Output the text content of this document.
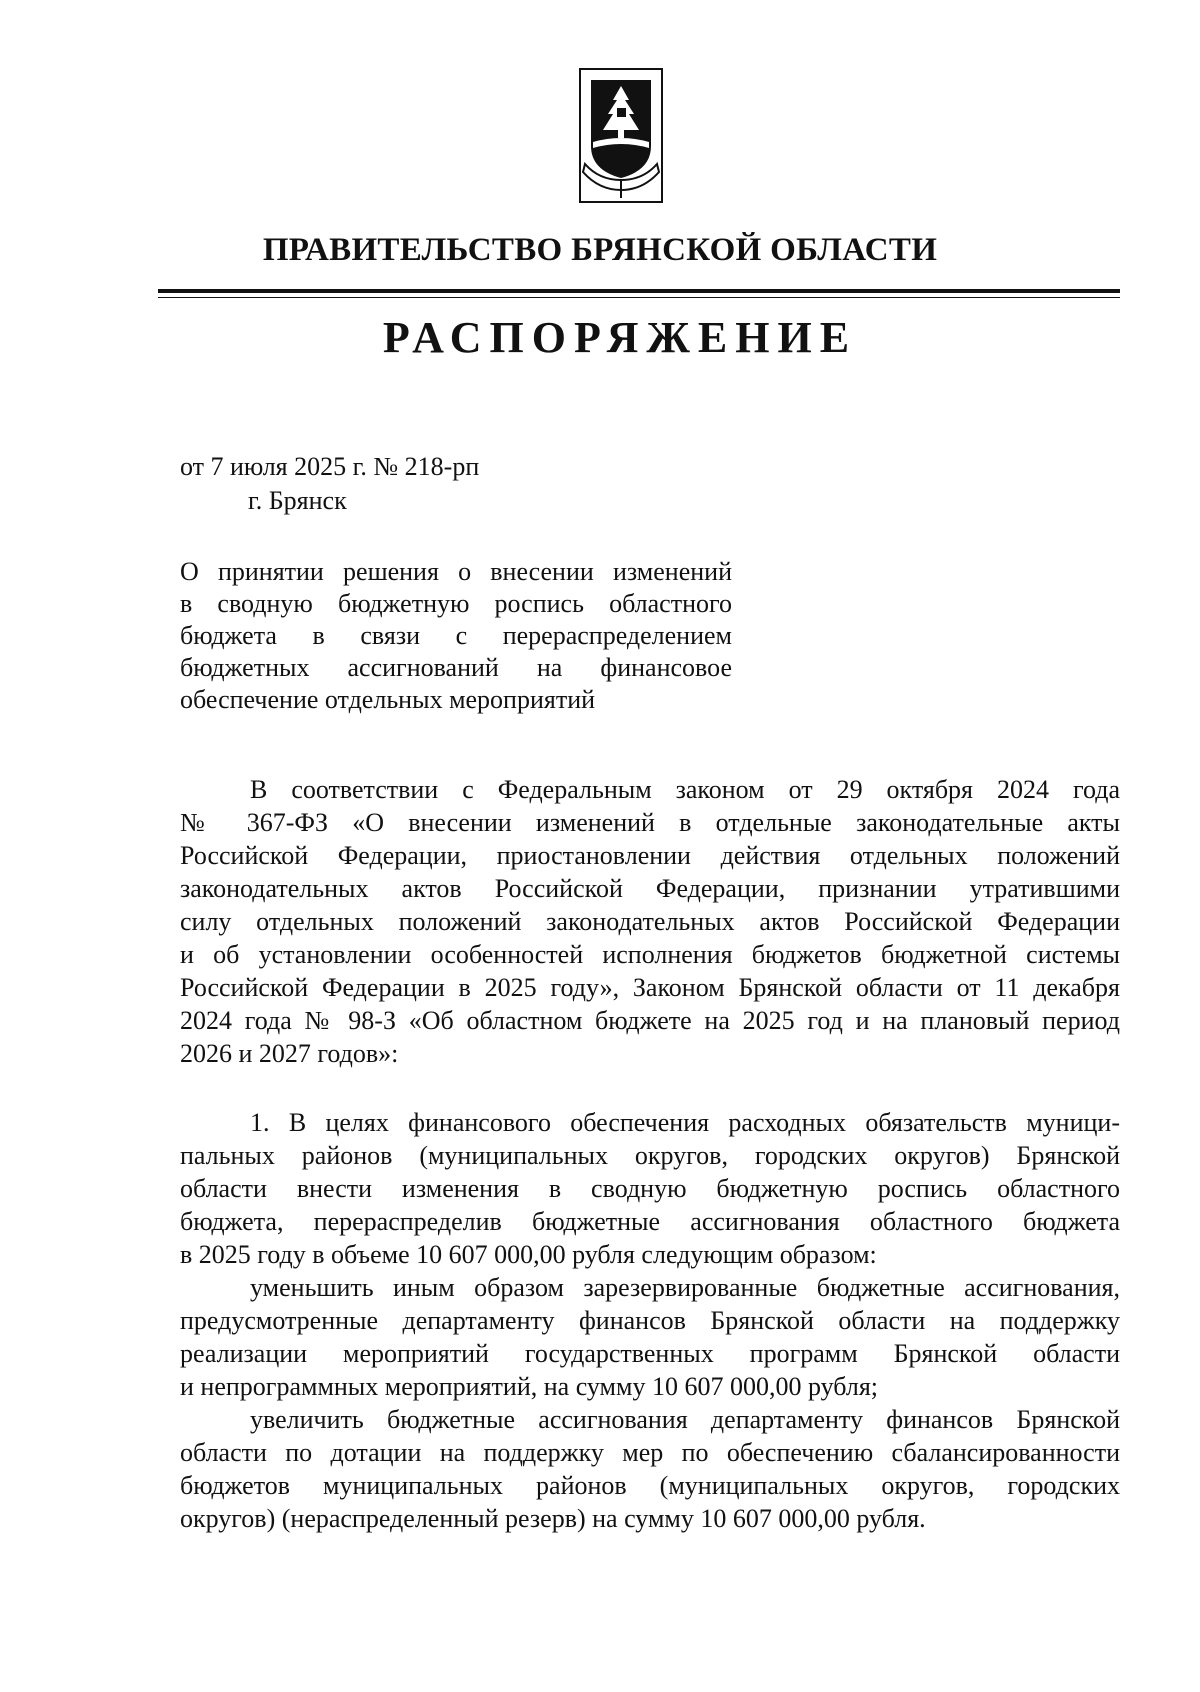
ПРАВИТЕЛЬСТВО БРЯНСКОЙ ОБЛАСТИ
РАСПОРЯЖЕНИЕ
от 7 июля 2025 г. № 218-рп
г. Брянск
О принятии решения о внесении изменений
в сводную бюджетную роспись областного
бюджета в связи с перераспределением
бюджетных ассигнований на финансовое
обеспечение отдельных мероприятий
В соответствии с Федеральным законом от 29 октября 2024 года
№ 367-ФЗ «О внесении изменений в отдельные законодательные акты
Российской Федерации, приостановлении действия отдельных положений
законодательных актов Российской Федерации, признании утратившими
силу отдельных положений законодательных актов Российской Федерации
и об установлении особенностей исполнения бюджетов бюджетной системы
Российской Федерации в 2025 году», Законом Брянской области от 11 декабря
2024 года № 98-З «Об областном бюджете на 2025 год и на плановый период
2026 и 2027 годов»:
1. В целях финансового обеспечения расходных обязательств муници-
пальных районов (муниципальных округов, городских округов) Брянской
области внести изменения в сводную бюджетную роспись областного
бюджета, перераспределив бюджетные ассигнования областного бюджета
в 2025 году в объеме 10 607 000,00 рубля следующим образом:
уменьшить иным образом зарезервированные бюджетные ассигнования,
предусмотренные департаменту финансов Брянской области на поддержку
реализации мероприятий государственных программ Брянской области
и непрограммных мероприятий, на сумму 10 607 000,00 рубля;
увеличить бюджетные ассигнования департаменту финансов Брянской
области по дотации на поддержку мер по обеспечению сбалансированности
бюджетов муниципальных районов (муниципальных округов, городских
округов) (нераспределенный резерв) на сумму 10 607 000,00 рубля.
